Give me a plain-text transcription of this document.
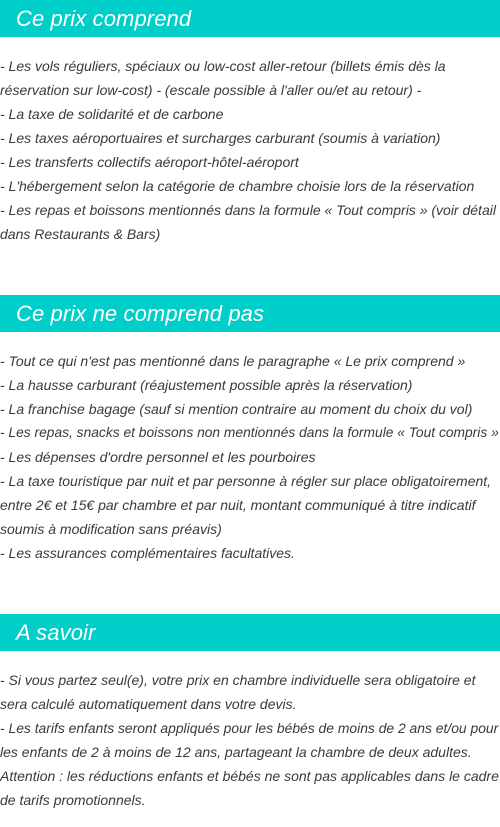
Ce prix comprend
- Les vols réguliers, spéciaux ou low-cost aller-retour (billets émis dès la
réservation sur low-cost) - (escale possible à l'aller ou/et au retour) -
- La taxe de solidarité et de carbone
- Les taxes aéroportuaires et surcharges carburant (soumis à variation)
- Les transferts collectifs aéroport-hôtel-aéroport
- L'hébergement selon la catégorie de chambre choisie lors de la réservation
- Les repas et boissons mentionnés dans la formule « Tout compris » (voir détail
dans Restaurants & Bars)
Ce prix ne comprend pas
- Tout ce qui n'est pas mentionné dans le paragraphe « Le prix comprend »
- La hausse carburant (réajustement possible après la réservation)
- La franchise bagage (sauf si mention contraire au moment du choix du vol)
- Les repas, snacks et boissons non mentionnés dans la formule « Tout compris »
- Les dépenses d'ordre personnel et les pourboires
- La taxe touristique par nuit et par personne à régler sur place obligatoirement,
entre 2€ et 15€ par chambre et par nuit, montant communiqué à titre indicatif
soumis à modification sans préavis)
- Les assurances complémentaires facultatives.
A savoir
- Si vous partez seul(e), votre prix en chambre individuelle sera obligatoire et
sera calculé automatiquement dans votre devis.
- Les tarifs enfants seront appliqués pour les bébés de moins de 2 ans et/ou pour
les enfants de 2 à moins de 12 ans, partageant la chambre de deux adultes.
Attention : les réductions enfants et bébés ne sont pas applicables dans le cadre
de tarifs promotionnels.
